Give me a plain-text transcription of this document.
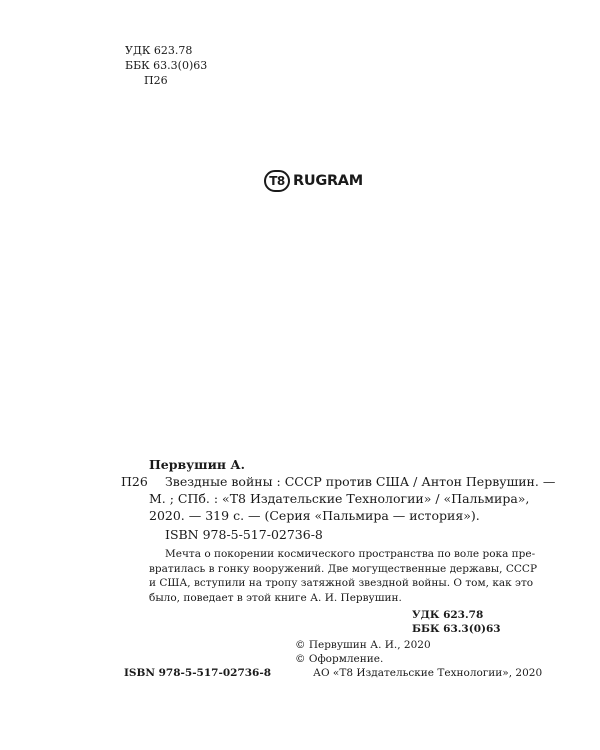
УДК 623.78
ББК 63.3(0)63
П26
T8 RUGRAM
Первушин А.
П26 Звездные войны : СССР против США / Антон Первушин. —
М. ; СПб. : «Т8 Издательские Технологии» / «Пальмира»,
2020. — 319 с. — (Серия «Пальмира — история»).
ISBN 978-5-517-02736-8
Мечта о покорении космического пространства по воле рока пре-
вратилась в гонку вооружений. Две могущественные державы, СССР
и США, вступили на тропу затяжной звездной войны. О том, как это
было, поведает в этой книге А. И. Первушин.
УДК 623.78
ББК 63.3(0)63
© Первушин А. И., 2020
© Оформление.
ISBN 978-5-517-02736-8	АО «Т8 Издательские Технологии», 2020
